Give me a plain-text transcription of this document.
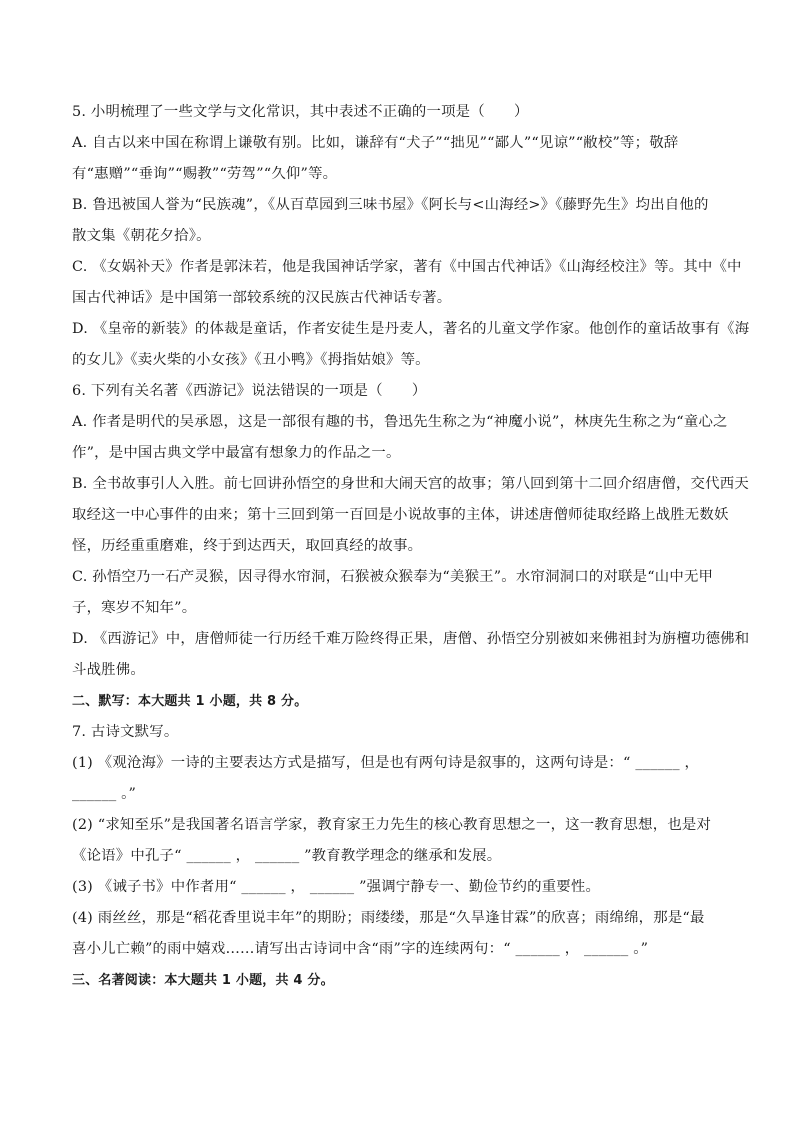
5. 小明梳理了一些文学与文化常识，其中表述不正确的一项是（　　）
A. 自古以来中国在称谓上谦敬有别。比如，谦辞有“犬子”“拙见”“鄙人”“见谅”“敝校”等；敬辞
有“惠赠”“垂询”“赐教”“劳驾”“久仰”等。
B. 鲁迅被国人誉为“民族魂”，《从百草园到三味书屋》《阿长与<山海经>》《藤野先生》均出自他的
散文集《朝花夕拾》。
C. 《女娲补天》作者是郭沫若，他是我国神话学家，著有《中国古代神话》《山海经校注》等。其中《中
国古代神话》是中国第一部较系统的汉民族古代神话专著。
D. 《皇帝的新装》的体裁是童话，作者安徒生是丹麦人，著名的儿童文学作家。他创作的童话故事有《海
的女儿》《卖火柴的小女孩》《丑小鸭》《拇指姑娘》等。
6. 下列有关名著《西游记》说法错误的一项是（　　）
A. 作者是明代的吴承恩，这是一部很有趣的书，鲁迅先生称之为“神魔小说”，林庚先生称之为“童心之
作”，是中国古典文学中最富有想象力的作品之一。
B. 全书故事引人入胜。前七回讲孙悟空的身世和大闹天宫的故事；第八回到第十二回介绍唐僧，交代西天
取经这一中心事件的由来；第十三回到第一百回是小说故事的主体，讲述唐僧师徒取经路上战胜无数妖
怪，历经重重磨难，终于到达西天，取回真经的故事。
C. 孙悟空乃一石产灵猴，因寻得水帘洞，石猴被众猴奉为“美猴王”。水帘洞洞口的对联是“山中无甲
子，寒岁不知年”。
D. 《西游记》中，唐僧师徒一行历经千难万险终得正果，唐僧、孙悟空分别被如来佛祖封为旃檀功德佛和
斗战胜佛。
二、默写：本大题共 1 小题，共 8 分。
7. 古诗文默写。
(1) 《观沧海》一诗的主要表达方式是描写，但是也有两句诗是叙事的，这两句诗是：“ ______ ，
______ 。”
(2) “求知至乐”是我国著名语言学家，教育家王力先生的核心教育思想之一，这一教育思想，也是对
《论语》中孔子“ ______ ， ______ ”教育教学理念的继承和发展。
(3) 《诫子书》中作者用“ ______ ， ______ ”强调宁静专一、勤俭节约的重要性。
(4) 雨丝丝，那是“稻花香里说丰年”的期盼；雨缕缕，那是“久旱逢甘霖”的欣喜；雨绵绵，那是“最
喜小儿亡赖”的雨中嬉戏……请写出古诗词中含“雨”字的连续两句：“ ______ ， ______ 。”
三、名著阅读：本大题共 1 小题，共 4 分。
